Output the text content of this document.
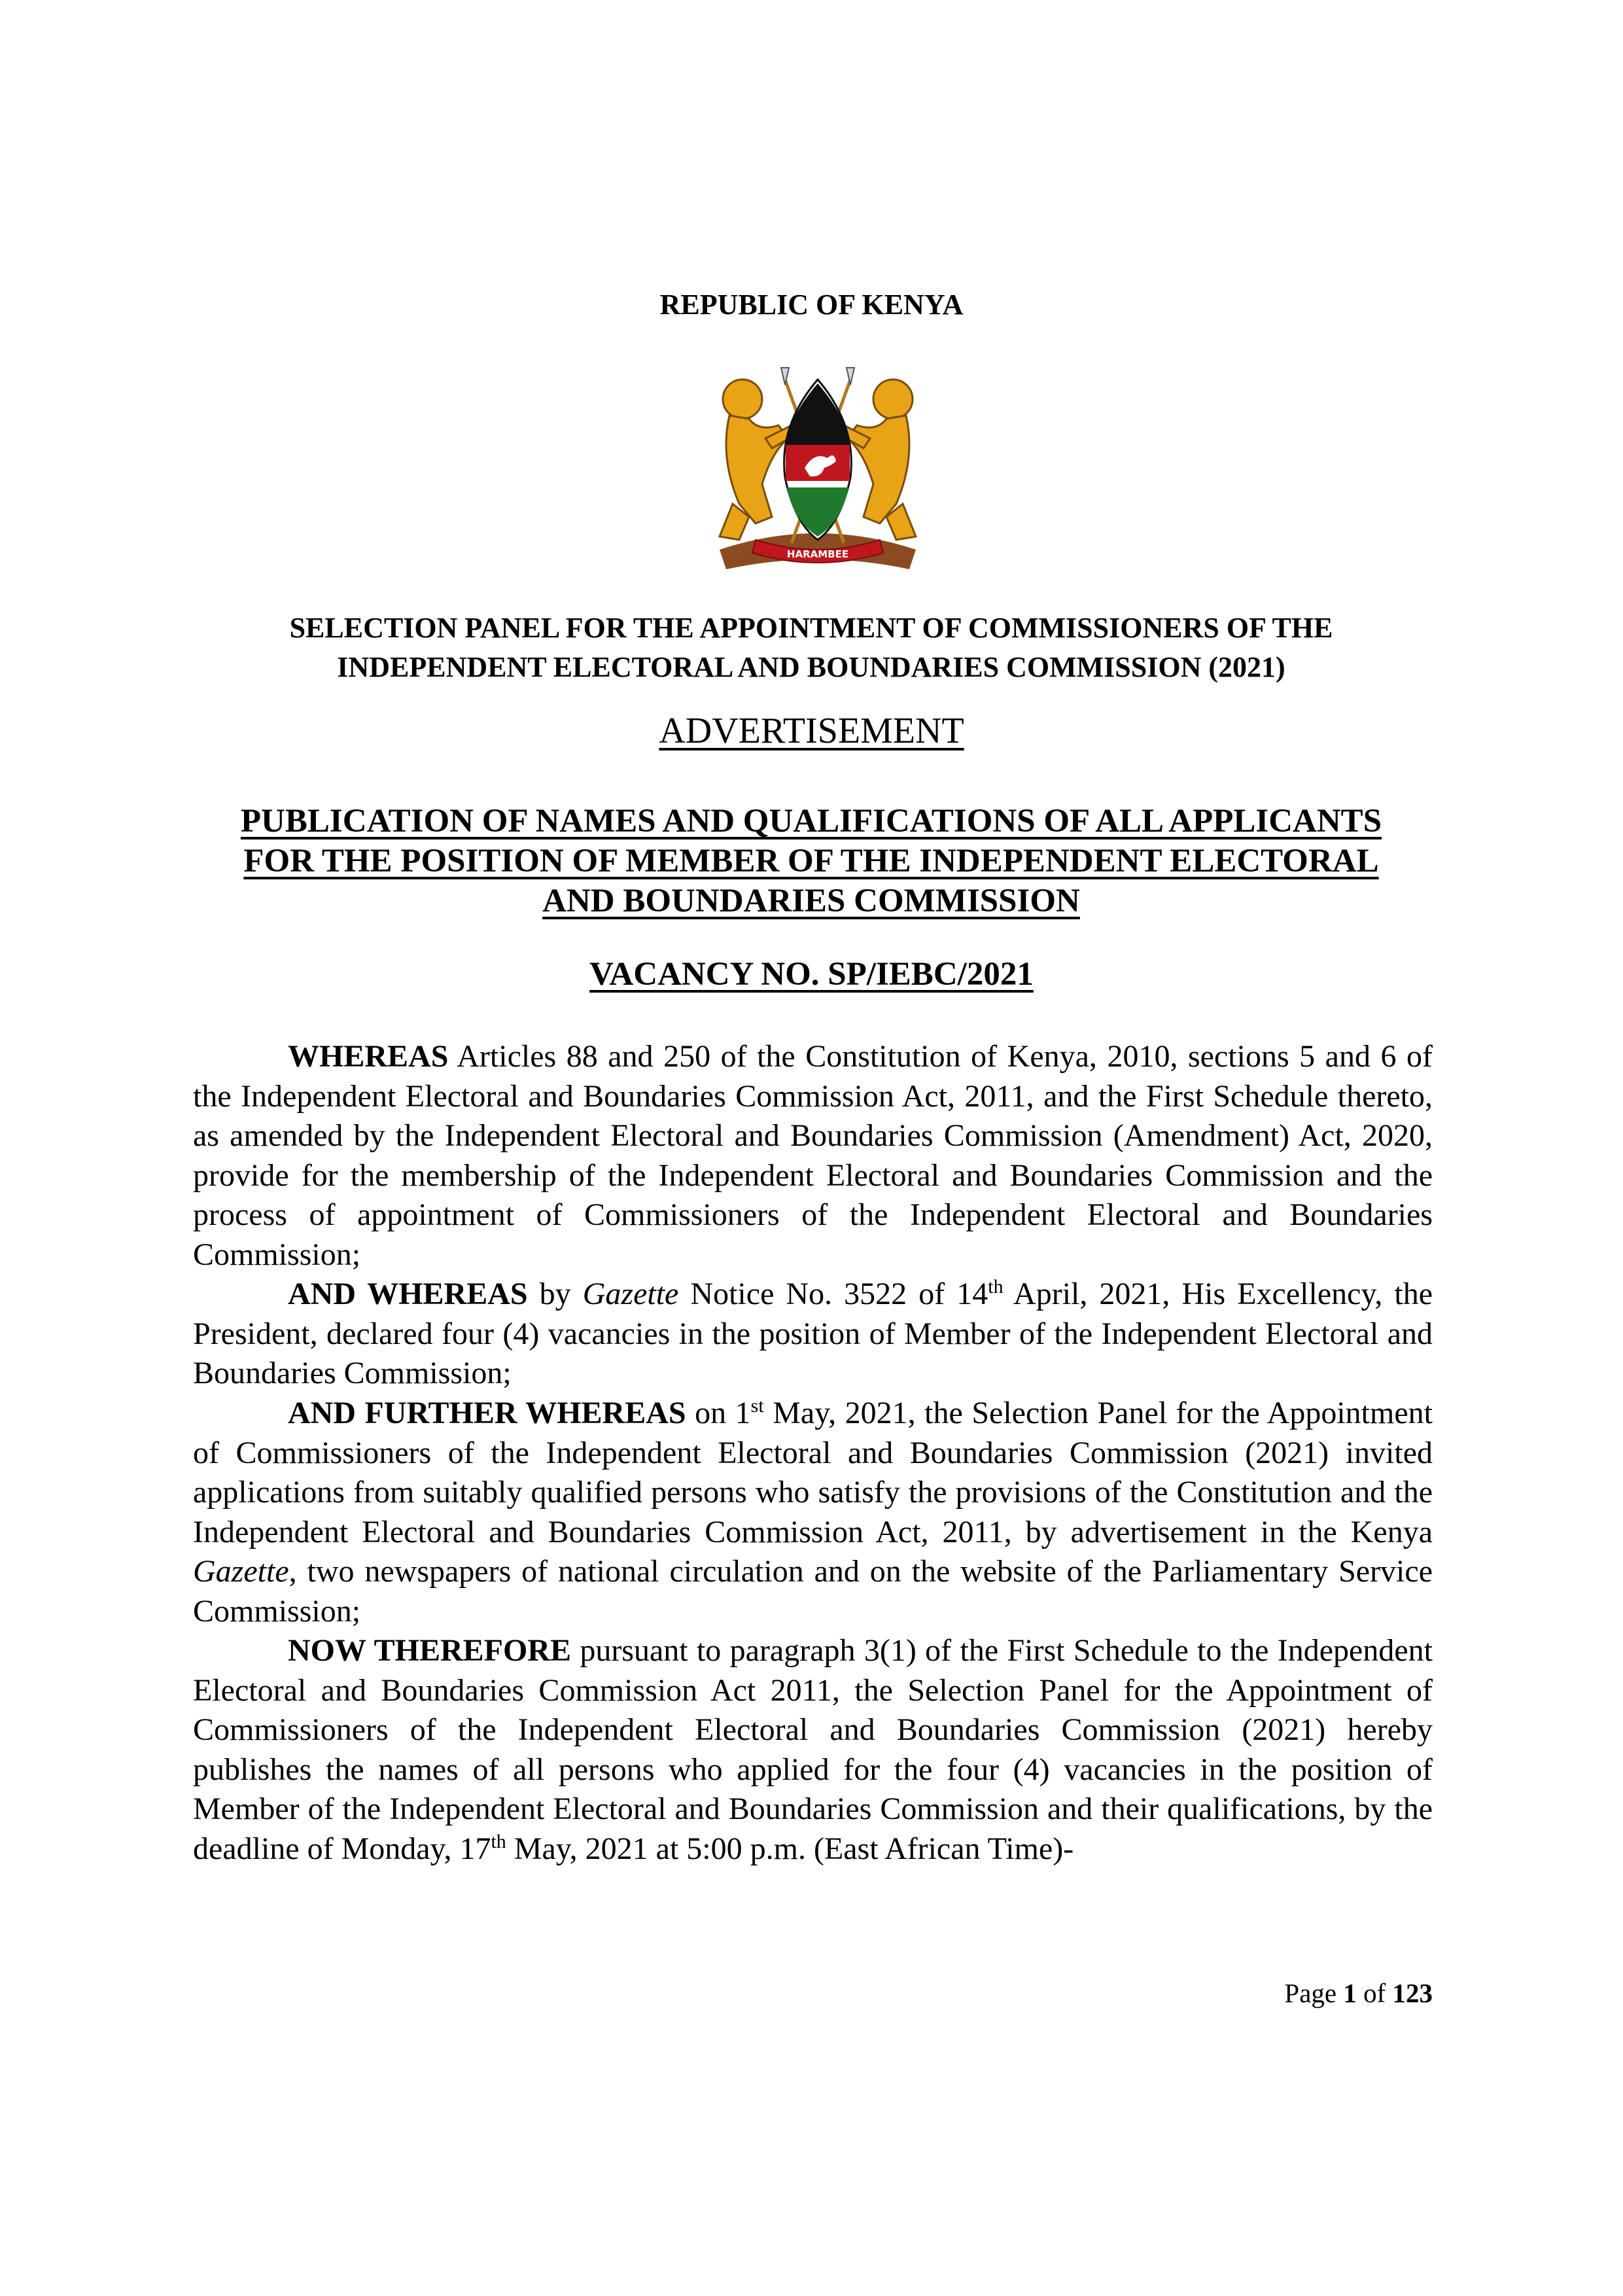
REPUBLIC OF KENYA
HARAMBEE
SELECTION PANEL FOR THE APPOINTMENT OF COMMISSIONERS OF THE
INDEPENDENT ELECTORAL AND BOUNDARIES COMMISSION (2021)
ADVERTISEMENT
PUBLICATION OF NAMES AND QUALIFICATIONS OF ALL APPLICANTS
FOR THE POSITION OF MEMBER OF THE INDEPENDENT ELECTORAL
AND BOUNDARIES COMMISSION
VACANCY NO. SP/IEBC/2021

WHEREAS Articles 88 and 250 of the Constitution of Kenya, 2010, sections 5 and 6 of the Independent Electoral and Boundaries Commission Act, 2011, and the First Schedule thereto, as amended by the Independent Electoral and Boundaries Commission (Amendment) Act, 2020, provide for the membership of the Independent Electoral and Boundaries Commission and the process of appointment of Commissioners of the Independent Electoral and Boundaries Commission;

AND WHEREAS by Gazette Notice No. 3522 of 14th April, 2021, His Excellency, the President, declared four (4) vacancies in the position of Member of the Independent Electoral and Boundaries Commission;

AND FURTHER WHEREAS on 1st May, 2021, the Selection Panel for the Appointment of Commissioners of the Independent Electoral and Boundaries Commission (2021) invited applications from suitably qualified persons who satisfy the provisions of the Constitution and the Independent Electoral and Boundaries Commission Act, 2011, by advertisement in the Kenya Gazette, two newspapers of national circulation and on the website of the Parliamentary Service Commission;

NOW THEREFORE pursuant to paragraph 3(1) of the First Schedule to the Independent Electoral and Boundaries Commission Act 2011, the Selection Panel for the Appointment of Commissioners of the Independent Electoral and Boundaries Commission (2021) hereby publishes the names of all persons who applied for the four (4) vacancies in the position of Member of the Independent Electoral and Boundaries Commission and their qualifications, by the deadline of Monday, 17th May, 2021 at 5:00 p.m. (East African Time)-

Page 1 of 123
